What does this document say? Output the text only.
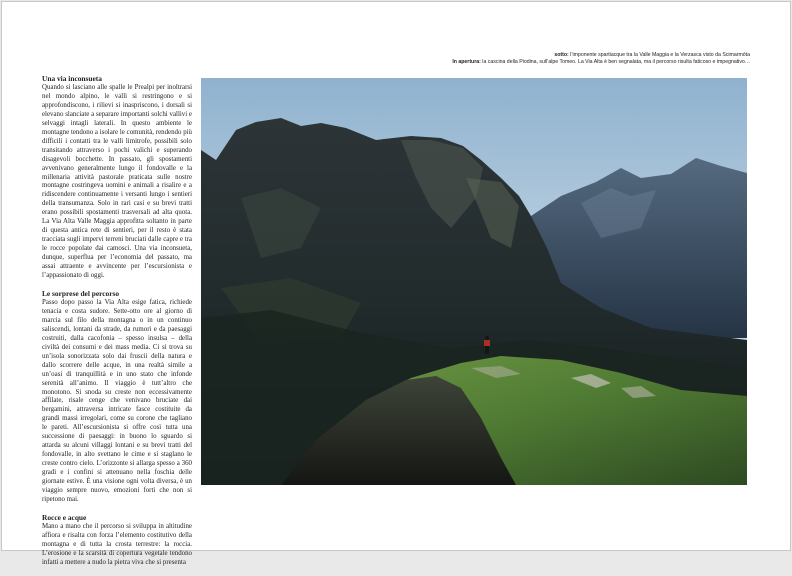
sotto: l’imponente spartiacque tra la Valle Maggia e la Verzasca visto da Scimarmóta
In apertura: la cascina della Piodina, sull’alpe Tomeo. La Via Alta è ben segnalata, ma il percorso risulta faticoso e impegnativo…
Una via inconsueta

Quando si lasciano alle spalle le Prealpi per inoltrarsi nel mondo alpino, le valli si restringono e si approfondiscono, i rilievi si inaspriscono, i dorsali si elevano slanciate a separare importanti solchi vallivi e selvaggi intagli laterali. In questo ambiente le montagne tendono a isolare le comunità, rendendo più difficili i contatti tra le valli limitrofe, possibili solo transitando attraverso i pochi valichi e superando disagevoli bocchette. In passato, gli spostamenti avvenivano generalmente lungo il fondovalle e la millenaria attività pastorale praticata sulle nostre montagne costringeva uomini e animali a risalire e a ridiscendere continuamente i versanti lungo i sentieri della transumanza. Solo in rari casi e su brevi tratti erano possibili spostamenti trasversali ad alta quota. La Via Alta Valle Maggia approfitta soltanto in parte di questa antica rete di sentieri, per il resto è stata tracciata sugli impervi terreni bruciati dalle capre e tra le rocce popolate dai camosci. Una via inconsueta, dunque, superflua per l’economia del passato, ma assai attraente e avvincente per l’escursionista e l’appassionato di oggi.

Le sorprese del percorso

Passo dopo passo la Via Alta esige fatica, richiede tenacia e costa sudore. Sette-otto ore al giorno di marcia sul filo della montagna o in un continuo saliscendi, lontani da strade, da rumori e da paesaggi costruiti, dalla cacofonia – spesso insulsa – della civiltà dei consumi e dei mass media. Ci si trova su un’isola sonorizzata solo dai fruscii della natura e dallo scorrere delle acque, in una realtà simile a un’oasi di tranquillità e in uno stato che infonde serenità all’animo. Il viaggio è tutt’altro che monotono. Si snoda su creste non eccessivamente affilate, risale cenge che venivano bruciate dai bergamini, attraversa intricate fasce costituite da grandi massi irregolari, come su corone che tagliano le pareti. All’escursionista si offre così tutta una successione di paesaggi: in buono lo sguardo si attarda su alcuni villaggi lontani e su brevi tratti del fondovalle, in alto svettano le cime e si staglano le creste contro cielo. L’orizzonte si allarga spesso a 360 gradi e i confini si attenuano nella foschia delle giornate estive. È una visione ogni volta diversa, è un viaggio sempre nuovo, emozioni forti che non si ripetono mai.

Rocce e acque

Mano a mano che il percorso si sviluppa in altitudine affiora e risalta con forza l’elemento costitutivo della montagna e di tutta la crosta terrestre: la roccia. L’erosione e la scarsità di copertura vegetale tendono infatti a mettere a nudo la pietra viva che si presenta
